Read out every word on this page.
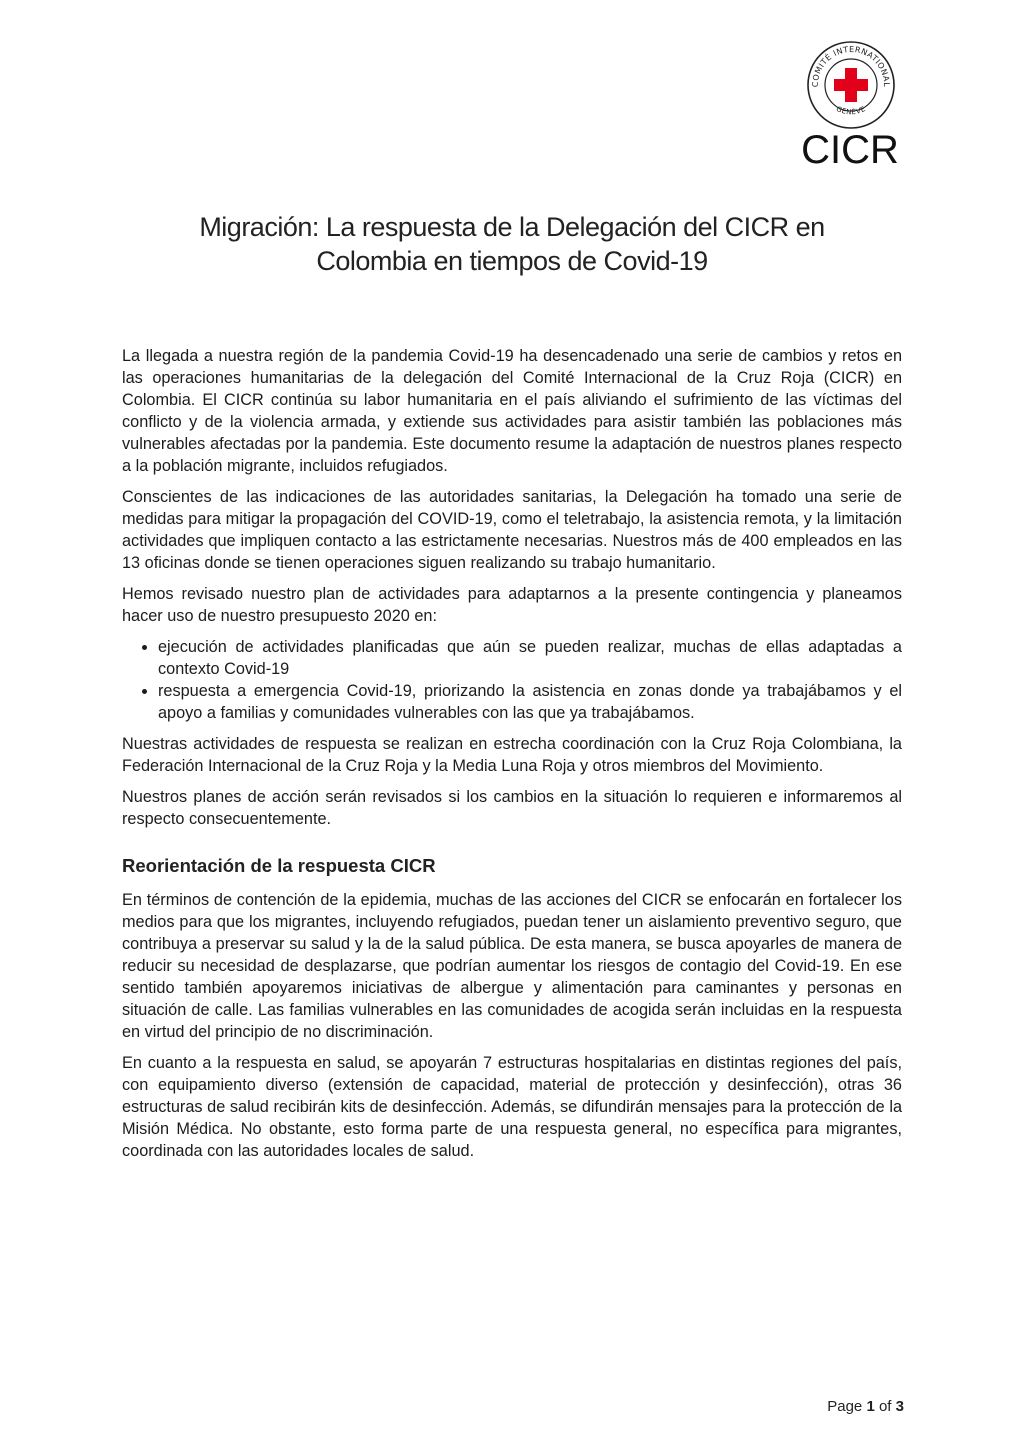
COMITÉ INTERNATIONAL
GENÈVE
CICR
Migración: La respuesta de la Delegación del CICR en
Colombia en tiempos de Covid-19

La llegada a nuestra región de la pandemia Covid-19 ha desencadenado una serie de cambios y retos en las operaciones humanitarias de la delegación del Comité Internacional de la Cruz Roja (CICR) en Colombia. El CICR continúa su labor humanitaria en el país aliviando el sufrimiento de las víctimas del conflicto y de la violencia armada, y extiende sus actividades para asistir también las poblaciones más vulnerables afectadas por la pandemia. Este documento resume la adaptación de nuestros planes respecto a la población migrante, incluidos refugiados.

Conscientes de las indicaciones de las autoridades sanitarias, la Delegación ha tomado una serie de medidas para mitigar la propagación del COVID-19, como el teletrabajo, la asistencia remota, y la limitación actividades que impliquen contacto a las estrictamente necesarias. Nuestros más de 400 empleados en las 13 oficinas donde se tienen operaciones siguen realizando su trabajo humanitario.

Hemos revisado nuestro plan de actividades para adaptarnos a la presente contingencia y planeamos hacer uso de nuestro presupuesto 2020 en:

• ejecución de actividades planificadas que aún se pueden realizar, muchas de ellas adaptadas a contexto Covid-19
• respuesta a emergencia Covid-19, priorizando la asistencia en zonas donde ya trabajábamos y el apoyo a familias y comunidades vulnerables con las que ya trabajábamos.

Nuestras actividades de respuesta se realizan en estrecha coordinación con la Cruz Roja Colombiana, la Federación Internacional de la Cruz Roja y la Media Luna Roja y otros miembros del Movimiento.

Nuestros planes de acción serán revisados si los cambios en la situación lo requieren e informaremos al respecto consecuentemente.

Reorientación de la respuesta CICR

En términos de contención de la epidemia, muchas de las acciones del CICR se enfocarán en fortalecer los medios para que los migrantes, incluyendo refugiados, puedan tener un aislamiento preventivo seguro, que contribuya a preservar su salud y la de la salud pública. De esta manera, se busca apoyarles de manera de reducir su necesidad de desplazarse, que podrían aumentar los riesgos de contagio del Covid-19. En ese sentido también apoyaremos iniciativas de albergue y alimentación para caminantes y personas en situación de calle. Las familias vulnerables en las comunidades de acogida serán incluidas en la respuesta en virtud del principio de no discriminación.

En cuanto a la respuesta en salud, se apoyarán 7 estructuras hospitalarias en distintas regiones del país, con equipamiento diverso (extensión de capacidad, material de protección y desinfección), otras 36 estructuras de salud recibirán kits de desinfección. Además, se difundirán mensajes para la protección de la Misión Médica. No obstante, esto forma parte de una respuesta general, no específica para migrantes, coordinada con las autoridades locales de salud.

Page 1 of 3
